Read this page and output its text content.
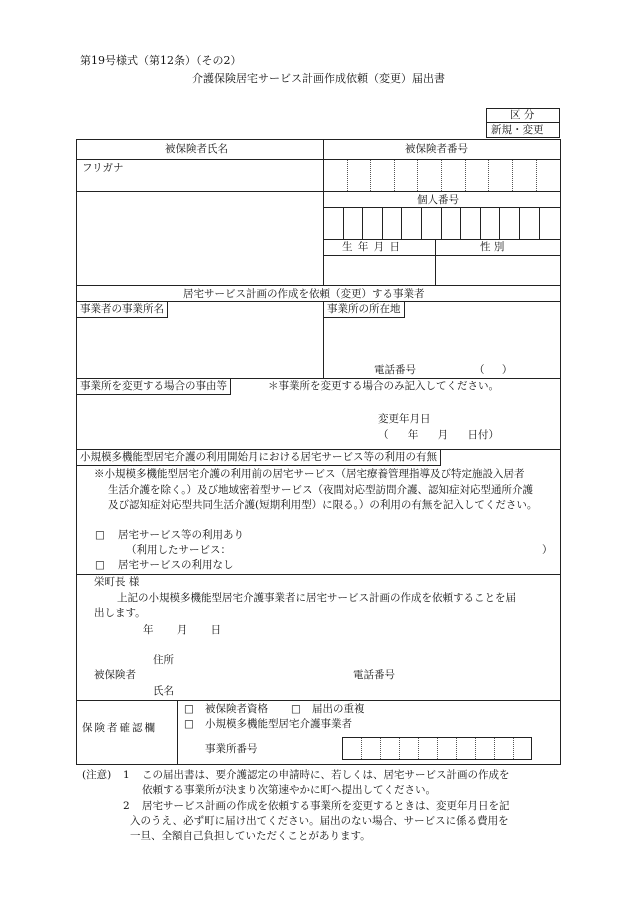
第19号様式（第12条）（その2）
介護保険居宅サービス計画作成依頼（変更）届出書
区 分
新規・変更
被保険者氏名	被保険者番号
フリガナ
個人番号
生 年 月 日	性 別
居宅サービス計画の作成を依頼（変更）する事業者
事業者の事業所名	事業所の所在地
電話番号	（ ）
事業所を変更する場合の事由等	＊事業所を変更する場合のみ記入してください。
変更年月日
（ 年 月 日付）
小規模多機能型居宅介護の利用開始月における居宅サービス等の利用の有無
※小規模多機能型居宅介護の利用前の居宅サービス（居宅療養管理指導及び特定施設入居者
生活介護を除く。）及び地域密着型サービス（夜間対応型訪問介護、認知症対応型通所介護
及び認知症対応型共同生活介護(短期利用型）に限る。）の利用の有無を記入してください。
□ 居宅サービス等の利用あり
（利用したサービス：	）
□ 居宅サービスの利用なし
栄町長 様
上記の小規模多機能型居宅介護事業者に居宅サービス計画の作成を依頼することを届
出します。
年 月 日
住所
被保険者	電話番号
氏名
保険者確認欄
□ 被保険者資格 □ 届出の重複
□ 小規模多機能型居宅介護事業者
事業所番号
(注意) 1 この届出書は、要介護認定の申請時に、若しくは、居宅サービス計画の作成を
依頼する事業所が決まり次第速やかに町へ提出してください。
2 居宅サービス計画の作成を依頼する事業所を変更するときは、変更年月日を記
入のうえ、必ず町に届け出てください。届出のない場合、サービスに係る費用を
一旦、全額自己負担していただくことがあります。
